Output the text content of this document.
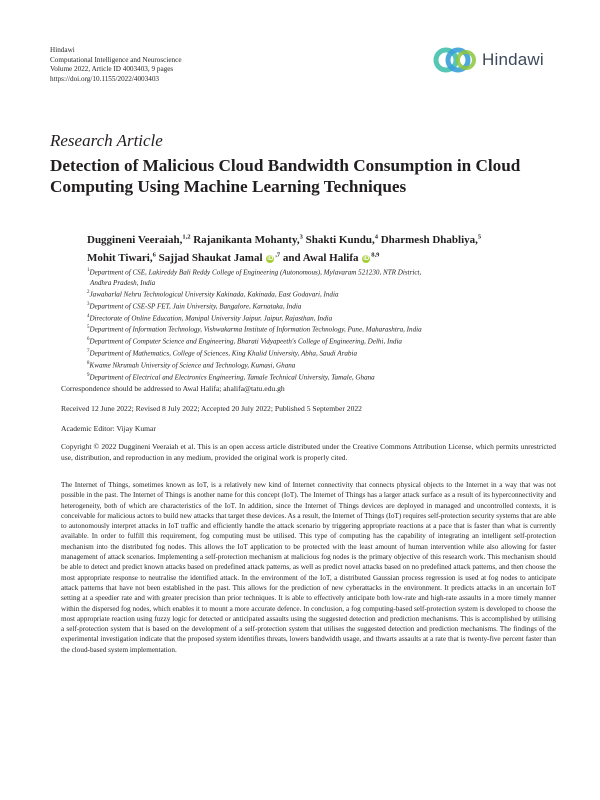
Hindawi
Computational Intelligence and Neuroscience
Volume 2022, Article ID 4003403, 9 pages
https://doi.org/10.1155/2022/4003403
Hindawi
Research Article
Detection of Malicious Cloud Bandwidth Consumption in Cloud Computing Using Machine Learning Techniques
Duggineni Veeraiah,$^{1,2}$ Rajanikanta Mohanty,$^3$ Shakti Kundu,$^4$ Dharmesh Dhabliya,$^5$
Mohit Tiwari,$^6$ Sajjad Shaukat Jamal $iD^{,7}$ and Awal Halifa iD$^{8,9}$
$^1$Department of CSE, Lakireddy Bali Reddy College of Engineering (Autonomous), Mylavaram 521230, NTR District,
Andhra Pradesh, India
$^2$Jawaharlal Nehru Technological University Kakinada, Kakinada, East Godavari, India
$^3$Department of CSE-SP FET, Jain University, Bangalore, Karnataka, India
$^4$Directorate of Online Education, Manipal University Jaipur, Jaipur, Rajasthan, India
$^5$Department of Information Technology, Vishwakarma Institute of Information Technology, Pune, Maharashtra, India
$^6$Department of Computer Science and Engineering, Bharati Vidyapeeth's College of Engineering, Delhi, India
$^7$Department of Mathematics, College of Sciences, King Khalid University, Abha, Saudi Arabia
$^8$Kwame Nkrumah University of Science and Technology, Kumasi, Ghana
$^9$Department of Electrical and Electronics Engineering, Tamale Technical University, Tamale, Ghana
Correspondence should be addressed to Awal Halifa; ahalifa@tatu.edu.gh
Received 12 June 2022; Revised 8 July 2022; Accepted 20 July 2022; Published 5 September 2022
Academic Editor: Vijay Kumar
Copyright © 2022 Duggineni Veeraiah et al. This is an open access article distributed under the Creative Commons Attribution License, which permits unrestricted use, distribution, and reproduction in any medium, provided the original work is properly cited.
The Internet of Things, sometimes known as IoT, is a relatively new kind of Internet connectivity that connects physical objects to the Internet in a way that was not possible in the past. The Internet of Things is another name for this concept (IoT). The Internet of Things has a larger attack surface as a result of its hyperconnectivity and heterogeneity, both of which are characteristics of the IoT. In addition, since the Internet of Things devices are deployed in managed and uncontrolled contexts, it is conceivable for malicious actors to build new attacks that target these devices. As a result, the Internet of Things (IoT) requires self-protection security systems that are able to autonomously interpret attacks in IoT traffic and efficiently handle the attack scenario by triggering appropriate reactions at a pace that is faster than what is currently available. In order to fulfill this requirement, fog computing must be utilised. This type of computing has the capability of integrating an intelligent self-protection mechanism into the distributed fog nodes. This allows the IoT application to be protected with the least amount of human intervention while also allowing for faster management of attack scenarios. Implementing a self-protection mechanism at malicious fog nodes is the primary objective of this research work. This mechanism should be able to detect and predict known attacks based on predefined attack patterns, as well as predict novel attacks based on no predefined attack patterns, and then choose the most appropriate response to neutralise the identified attack. In the environment of the IoT, a distributed Gaussian process regression is used at fog nodes to anticipate attack patterns that have not been established in the past. This allows for the prediction of new cyberattacks in the environment. It predicts attacks in an uncertain IoT setting at a speedier rate and with greater precision than prior techniques. It is able to effectively anticipate both low-rate and high-rate assaults in a more timely manner within the dispersed fog nodes, which enables it to mount a more accurate defence. In conclusion, a fog computing-based self-protection system is developed to choose the most appropriate reaction using fuzzy logic for detected or anticipated assaults using the suggested detection and prediction mechanisms. This is accomplished by utilising a self-protection system that is based on the development of a self-protection system that utilises the suggested detection and prediction mechanisms. The findings of the experimental investigation indicate that the proposed system identifies threats, lowers bandwidth usage, and thwarts assaults at a rate that is twenty-five percent faster than the cloud-based system implementation.
